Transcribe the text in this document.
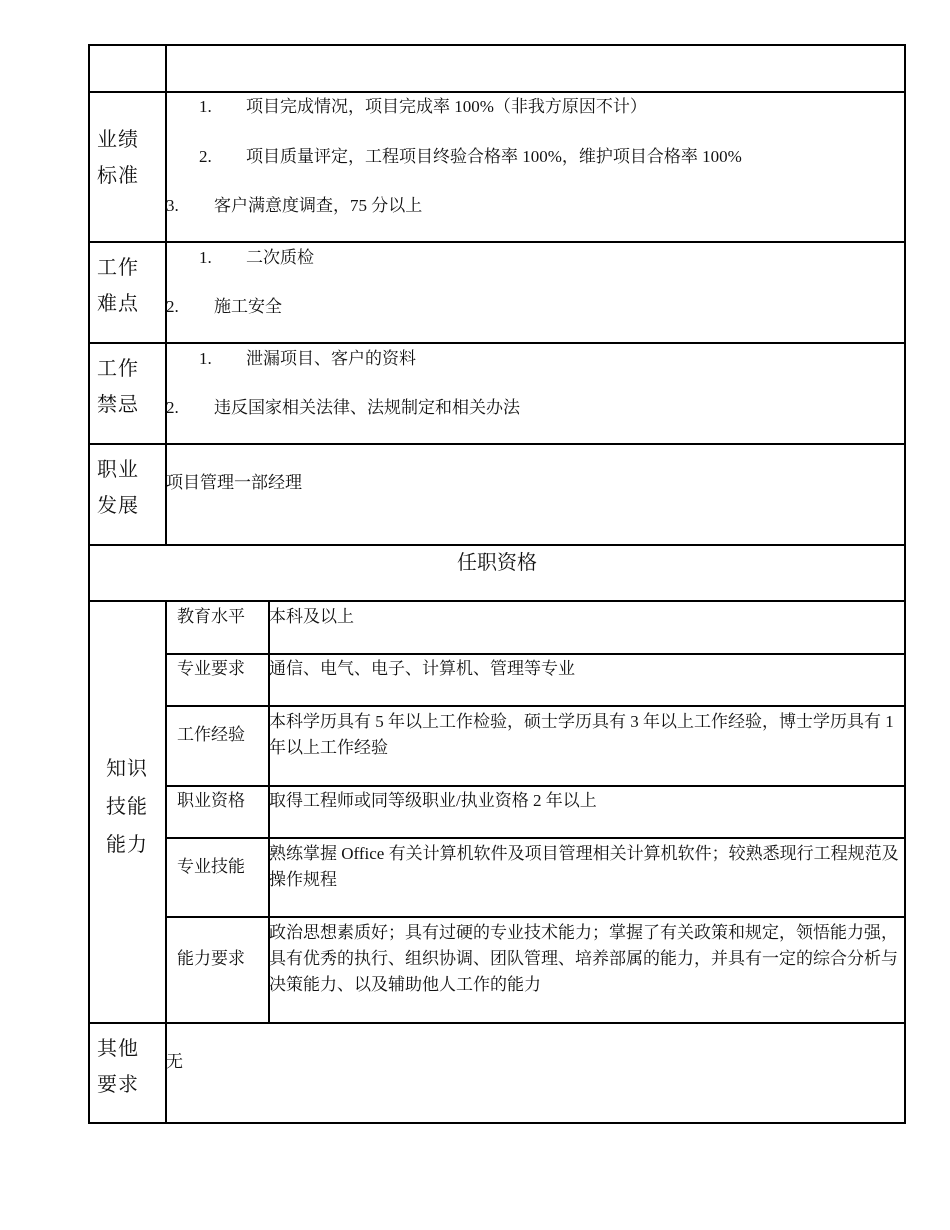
业绩
标准
1. 项目完成情况，项目完成率 100%（非我方原因不计）
2. 项目质量评定，工程项目终验合格率 100%，维护项目合格率 100%
3. 客户满意度调查，75 分以上
工作
难点
1. 二次质检
2. 施工安全
工作
禁忌
1. 泄漏项目、客户的资料
2. 违反国家相关法律、法规制定和相关办法
职业
发展
项目管理一部经理
任职资格
知识
技能
能力
教育水平 本科及以上
专业要求 通信、电气、电子、计算机、管理等专业
工作经验
本科学历具有 5 年以上工作检验，硕士学历具有 3 年以上工作经验，博士学历具有 1 年以上工作经验
职业资格 取得工程师或同等级职业/执业资格 2 年以上
专业技能
熟练掌握 Office 有关计算机软件及项目管理相关计算机软件；较熟悉现行工程规范及操作规程
能力要求
政治思想素质好；具有过硬的专业技术能力；掌握了有关政策和规定，领悟能力强，具有优秀的执行、组织协调、团队管理、培养部属的能力，并具有一定的综合分析与决策能力、以及辅助他人工作的能力
其他
要求
无
